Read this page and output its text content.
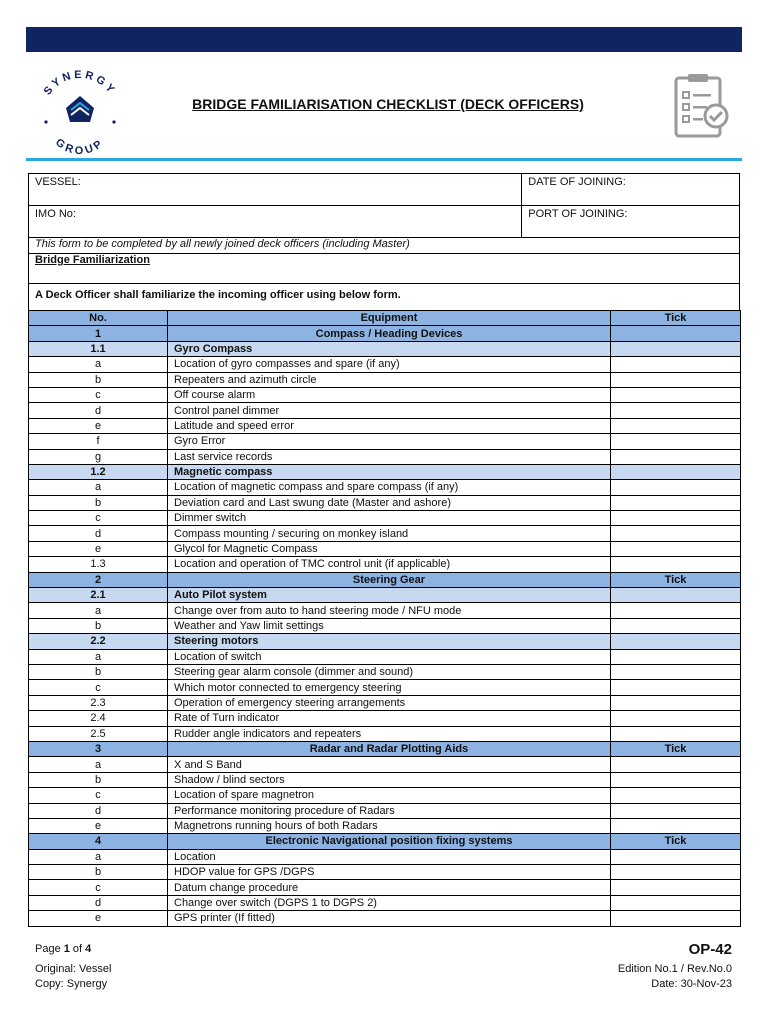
SYNERGY
GROUP
BRIDGE FAMILIARISATION CHECKLIST (DECK OFFICERS)
VESSEL:	DATE OF JOINING:
IMO No:	PORT OF JOINING:
This form to be completed by all newly joined deck officers (including Master)	
Bridge Familiarization	
A Deck Officer shall familiarize the incoming officer using below form.	
No.	Equipment	Tick
1	Compass / Heading Devices	
1.1	Gyro Compass	
a	Location of gyro compasses and spare (if any)	
b	Repeaters and azimuth circle	
c	Off course alarm	
d	Control panel dimmer	
e	Latitude and speed error	
f	Gyro Error	
g	Last service records	
1.2	Magnetic compass	
a	Location of magnetic compass and spare compass (if any)	
b	Deviation card and Last swung date (Master and ashore)	
c	Dimmer switch	
d	Compass mounting / securing on monkey island	
e	Glycol for Magnetic Compass	
1.3	Location and operation of TMC control unit (if applicable)	
2	Steering Gear	Tick
2.1	Auto Pilot system	
a	Change over from auto to hand steering mode / NFU mode	
b	Weather and Yaw limit settings	
2.2	Steering motors	
a	Location of switch	
b	Steering gear alarm console (dimmer and sound)	
c	Which motor connected to emergency steering	
2.3	Operation of emergency steering arrangements	
2.4	Rate of Turn indicator	
2.5	Rudder angle indicators and repeaters	
3	Radar and Radar Plotting Aids	Tick
a	X and S Band	
b	Shadow / blind sectors	
c	Location of spare magnetron	
d	Performance monitoring procedure of Radars	
e	Magnetrons running hours of both Radars	
4	Electronic Navigational position fixing systems	Tick
a	Location	
b	HDOP value for GPS /DGPS	
c	Datum change procedure	
d	Change over switch (DGPS 1 to DGPS 2)	
e	GPS printer (If fitted)	
Page 1 of 4
Original: Vessel
Copy: Synergy
OP-42
Edition No.1 / Rev.No.0
Date: 30-Nov-23
